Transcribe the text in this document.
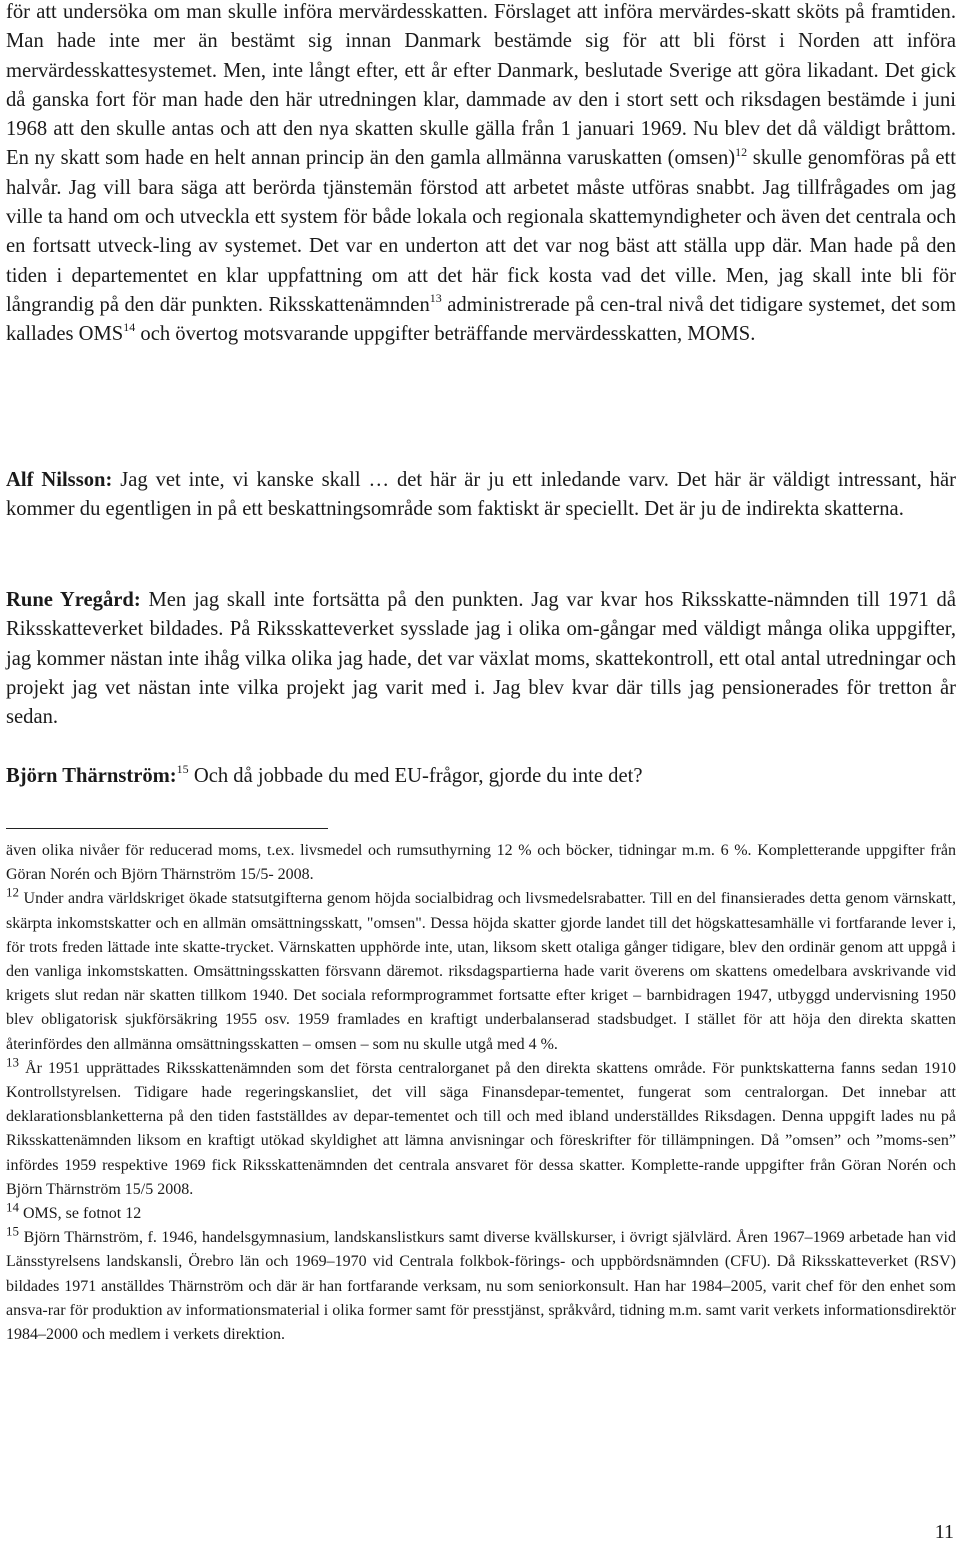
för att undersöka om man skulle införa mervärdesskatten. Förslaget att införa mervärdes-skatt sköts på framtiden. Man hade inte mer än bestämt sig innan Danmark bestämde sig för att bli först i Norden att införa mervärdesskattesystemet. Men, inte långt efter, ett år efter Danmark, beslutade Sverige att göra likadant. Det gick då ganska fort för man hade den här utredningen klar, dammade av den i stort sett och riksdagen bestämde i juni 1968 att den skulle antas och att den nya skatten skulle gälla från 1 januari 1969. Nu blev det då väldigt bråttom. En ny skatt som hade en helt annan princip än den gamla allmänna varuskatten (omsen)$^{12}$ skulle genomföras på ett halvår. Jag vill bara säga att berörda tjänstemän förstod att arbetet måste utföras snabbt. Jag tillfrågades om jag ville ta hand om och utveckla ett system för både lokala och regionala skattemyndigheter och även det centrala och en fortsatt utveck-ling av systemet. Det var en underton att det var nog bäst att ställa upp där. Man hade på den tiden i departementet en klar uppfattning om att det här fick kosta vad det ville. Men, jag skall inte bli för långrandig på den där punkten. Riksskattenämnden$^{13}$ administrerade på cen-tral nivå det tidigare systemet, det som kallades OMS$^{14}$ och övertog motsvarande uppgifter beträffande mervärdesskatten, MOMS.
Alf Nilsson: Jag vet inte, vi kanske skall … det här är ju ett inledande varv. Det här är väldigt intressant, här kommer du egentligen in på ett beskattningsområde som faktiskt är speciellt. Det är ju de indirekta skatterna.
Rune Yregård: Men jag skall inte fortsätta på den punkten. Jag var kvar hos Riksskatte-nämnden till 1971 då Riksskatteverket bildades. På Riksskatteverket sysslade jag i olika om-gångar med väldigt många olika uppgifter, jag kommer nästan inte ihåg vilka olika jag hade, det var växlat moms, skattekontroll, ett otal antal utredningar och projekt jag vet nästan inte vilka projekt jag varit med i. Jag blev kvar där tills jag pensionerades för tretton år sedan.
Björn Thärnström:$^{15}$ Och då jobbade du med EU-frågor, gjorde du inte det?

även olika nivåer för reducerad moms, t.ex. livsmedel och rumsuthyrning 12 % och böcker, tidningar m.m. 6 %. Kompletterande uppgifter från Göran Norén och Björn Thärnström 15/5- 2008.

$^{12}$ Under andra världskriget ökade statsutgifterna genom höjda socialbidrag och livsmedelsrabatter. Till en del finansierades detta genom värnskatt, skärpta inkomstskatter och en allmän omsättningsskatt, "omsen". Dessa höjda skatter gjorde landet till det högskattesamhälle vi fortfarande lever i, för trots freden lättade inte skatte-trycket. Värnskatten upphörde inte, utan, liksom skett otaliga gånger tidigare, blev den ordinär genom att uppgå i den vanliga inkomstskatten. Omsättningsskatten försvann däremot. riksdagspartierna hade varit överens om skattens omedelbara avskrivande vid krigets slut redan när skatten tillkom 1940. Det sociala reformprogrammet fortsatte efter kriget – barnbidragen 1947, utbyggd undervisning 1950 blev obligatorisk sjukförsäkring 1955 osv. 1959 framlades en kraftigt underbalanserad stadsbudget. I stället för att höja den direkta skatten återinfördes den allmänna omsättningsskatten – omsen – som nu skulle utgå med 4 %.

$^{13}$ År 1951 upprättades Riksskattenämnden som det första centralorganet på den direkta skattens område. För punktskatterna fanns sedan 1910 Kontrollstyrelsen. Tidigare hade regeringskansliet, det vill säga Finansdepar-tementet, fungerat som centralorgan. Det innebar att deklarationsblanketterna på den tiden fastställdes av depar-tementet och till och med ibland underställdes Riksdagen. Denna uppgift lades nu på Riksskattenämnden liksom en kraftigt utökad skyldighet att lämna anvisningar och föreskrifter för tillämpningen. Då ”omsen” och ”moms-sen” infördes 1959 respektive 1969 fick Riksskattenämnden det centrala ansvaret för dessa skatter. Komplette-rande uppgifter från Göran Norén och Björn Thärnström 15/5 2008.

$^{14}$ OMS, se fotnot 12

$^{15}$ Björn Thärnström, f. 1946, handelsgymnasium, landskanslistkurs samt diverse kvällskurser, i övrigt självlärd. Åren 1967–1969 arbetade han vid Länsstyrelsens landskansli, Örebro län och 1969–1970 vid Centrala folkbok-förings- och uppbördsnämnden (CFU). Då Riksskatteverket (RSV) bildades 1971 anställdes Thärnström och där är han fortfarande verksam, nu som seniorkonsult. Han har 1984–2005, varit chef för den enhet som ansva-rar för produktion av informationsmaterial i olika former samt för presstjänst, språkvård, tidning m.m. samt varit verkets informationsdirektör 1984–2000 och medlem i verkets direktion.

11
